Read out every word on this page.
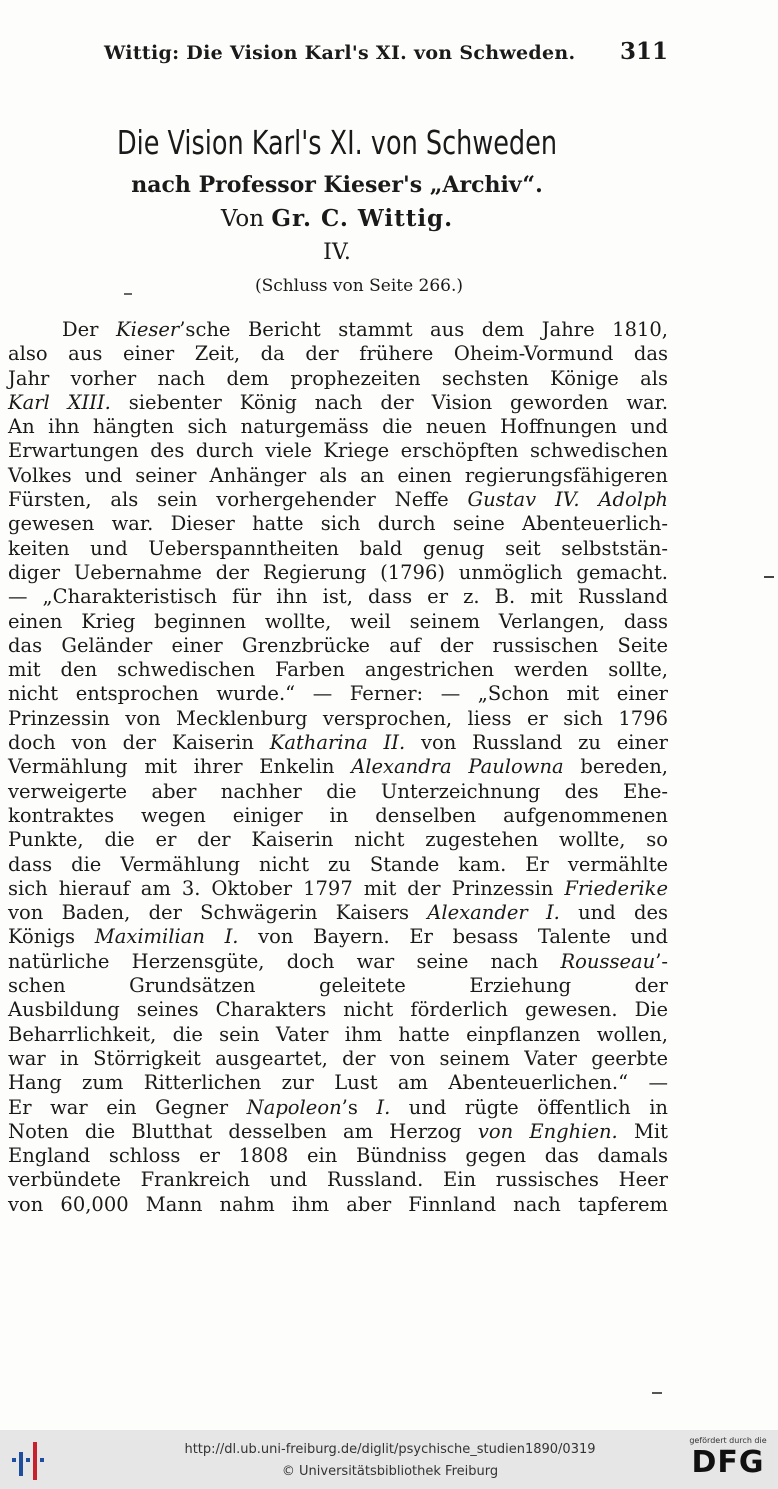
Wittig: Die Vision Karl's XI. von Schweden. 311

Die Vision Karl's XI. von Schweden

nach Professor Kieser's „Archiv“.

Von Gr. C. Wittig.

IV.

(Schluss von Seite 266.)

Der Kieser’sche Bericht stammt aus dem Jahre 1810,
also aus einer Zeit, da der frühere Oheim-Vormund das
Jahr vorher nach dem prophezeiten sechsten Könige als
Karl XIII. siebenter König nach der Vision geworden war.
An ihn hängten sich naturgemäss die neuen Hoffnungen und
Erwartungen des durch viele Kriege erschöpften schwedischen
Volkes und seiner Anhänger als an einen regierungsfähigeren
Fürsten, als sein vorhergehender Neffe Gustav IV. Adolph
gewesen war. Dieser hatte sich durch seine Abenteuerlich-
keiten und Ueberspanntheiten bald genug seit selbststän-
diger Uebernahme der Regierung (1796) unmöglich gemacht.
— „Charakteristisch für ihn ist, dass er z. B. mit Russland
einen Krieg beginnen wollte, weil seinem Verlangen, dass
das Geländer einer Grenzbrücke auf der russischen Seite
mit den schwedischen Farben angestrichen werden sollte,
nicht entsprochen wurde.“ — Ferner: — „Schon mit einer
Prinzessin von Mecklenburg versprochen, liess er sich 1796
doch von der Kaiserin Katharina II. von Russland zu einer
Vermählung mit ihrer Enkelin Alexandra Paulowna bereden,
verweigerte aber nachher die Unterzeichnung des Ehe-
kontraktes wegen einiger in denselben aufgenommenen
Punkte, die er der Kaiserin nicht zugestehen wollte, so
dass die Vermählung nicht zu Stande kam. Er vermählte
sich hierauf am 3. Oktober 1797 mit der Prinzessin Friederike
von Baden, der Schwägerin Kaisers Alexander I. und des
Königs Maximilian I. von Bayern. Er besass Talente und
natürliche Herzensgüte, doch war seine nach Rousseau’-
schen Grundsätzen geleitete Erziehung der
Ausbildung seines Charakters nicht förderlich gewesen. Die
Beharrlichkeit, die sein Vater ihm hatte einpflanzen wollen,
war in Störrigkeit ausgeartet, der von seinem Vater geerbte
Hang zum Ritterlichen zur Lust am Abenteuerlichen.“ —
Er war ein Gegner Napoleon’s I. und rügte öffentlich in
Noten die Blutthat desselben am Herzog von Enghien. Mit
England schloss er 1808 ein Bündniss gegen das damals
verbündete Frankreich und Russland. Ein russisches Heer
von 60,000 Mann nahm ihm aber Finnland nach tapferem
http://dl.ub.uni-freiburg.de/diglit/psychische_studien1890/0319
© Universitätsbibliothek Freiburg
gefördert durch die
DFG
